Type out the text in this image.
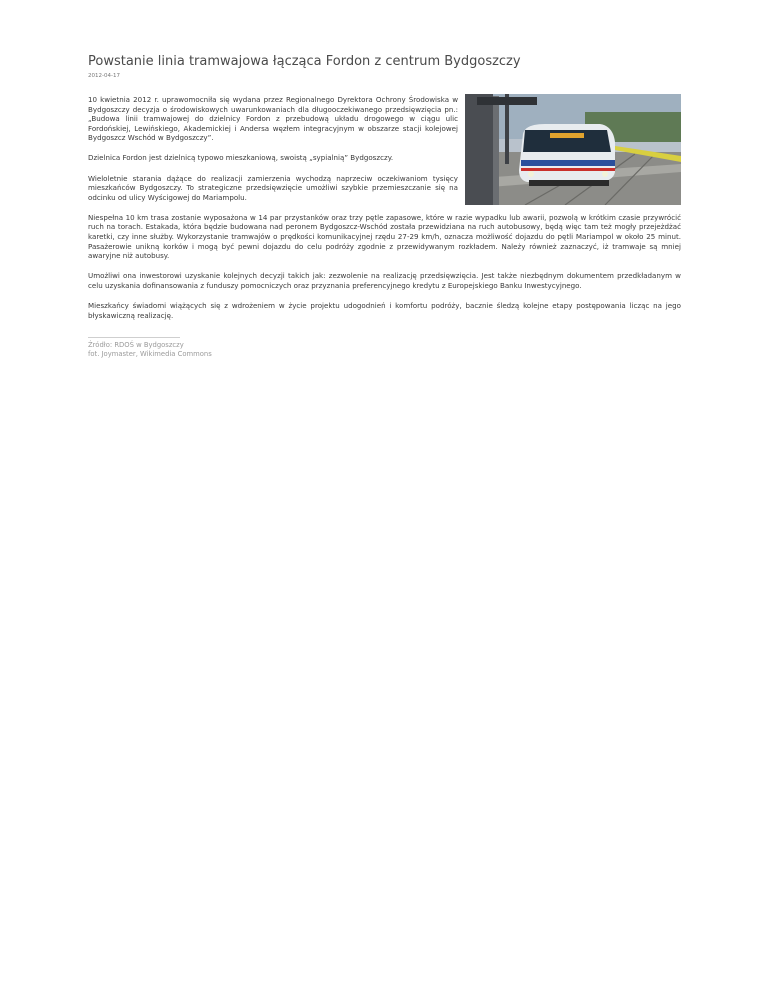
Powstanie linia tramwajowa łącząca Fordon z centrum Bydgoszczy
2012-04-17

10 kwietnia 2012 r. uprawomocniła się wydana przez Regionalnego Dyrektora Ochrony Środowiska w Bydgoszczy decyzja o środowiskowych uwarunkowaniach dla długooczekiwanego przedsięwzięcia pn.: „Budowa linii tramwajowej do dzielnicy Fordon z przebudową układu drogowego w ciągu ulic Fordońskiej, Lewińskiego, Akademickiej i Andersa węzłem integracyjnym w obszarze stacji kolejowej Bydgoszcz Wschód w Bydgoszczy”.

Dzielnica Fordon jest dzielnicą typowo mieszkaniową, swoistą „sypialnią” Bydgoszczy.

Wieloletnie starania dążące do realizacji zamierzenia wychodzą naprzeciw oczekiwaniom tysięcy mieszkańców Bydgoszczy. To strategiczne przedsięwzięcie umożliwi szybkie przemieszczanie się na odcinku od ulicy Wyścigowej do Mariampolu.

Niespełna 10 km trasa zostanie wyposażona w 14 par przystanków oraz trzy pętle zapasowe, które w razie wypadku lub awarii, pozwolą w krótkim czasie przywrócić ruch na torach. Estakada, która będzie budowana nad peronem Bydgoszcz-Wschód została przewidziana na ruch autobusowy, będą więc tam też mogły przejeżdżać karetki, czy inne służby. Wykorzystanie tramwajów o prędkości komunikacyjnej rzędu 27-29 km/h, oznacza możliwość dojazdu do pętli Mariampol w około 25 minut. Pasażerowie unikną korków i mogą być pewni dojazdu do celu podróży zgodnie z przewidywanym rozkładem. Należy również zaznaczyć, iż tramwaje są mniej awaryjne niż autobusy.

Umożliwi ona inwestorowi uzyskanie kolejnych decyzji takich jak: zezwolenie na realizację przedsięwzięcia. Jest także niezbędnym dokumentem przedkładanym w celu uzyskania dofinansowania z funduszy pomocniczych oraz przyznania preferencyjnego kredytu z Europejskiego Banku Inwestycyjnego.

Mieszkańcy świadomi wiążących się z wdrożeniem w życie projektu udogodnień i komfortu podróży, bacznie śledzą kolejne etapy postępowania licząc na jego błyskawiczną realizację.

Źródło: RDOŚ w Bydgoszczy
fot. Joymaster, Wikimedia Commons
